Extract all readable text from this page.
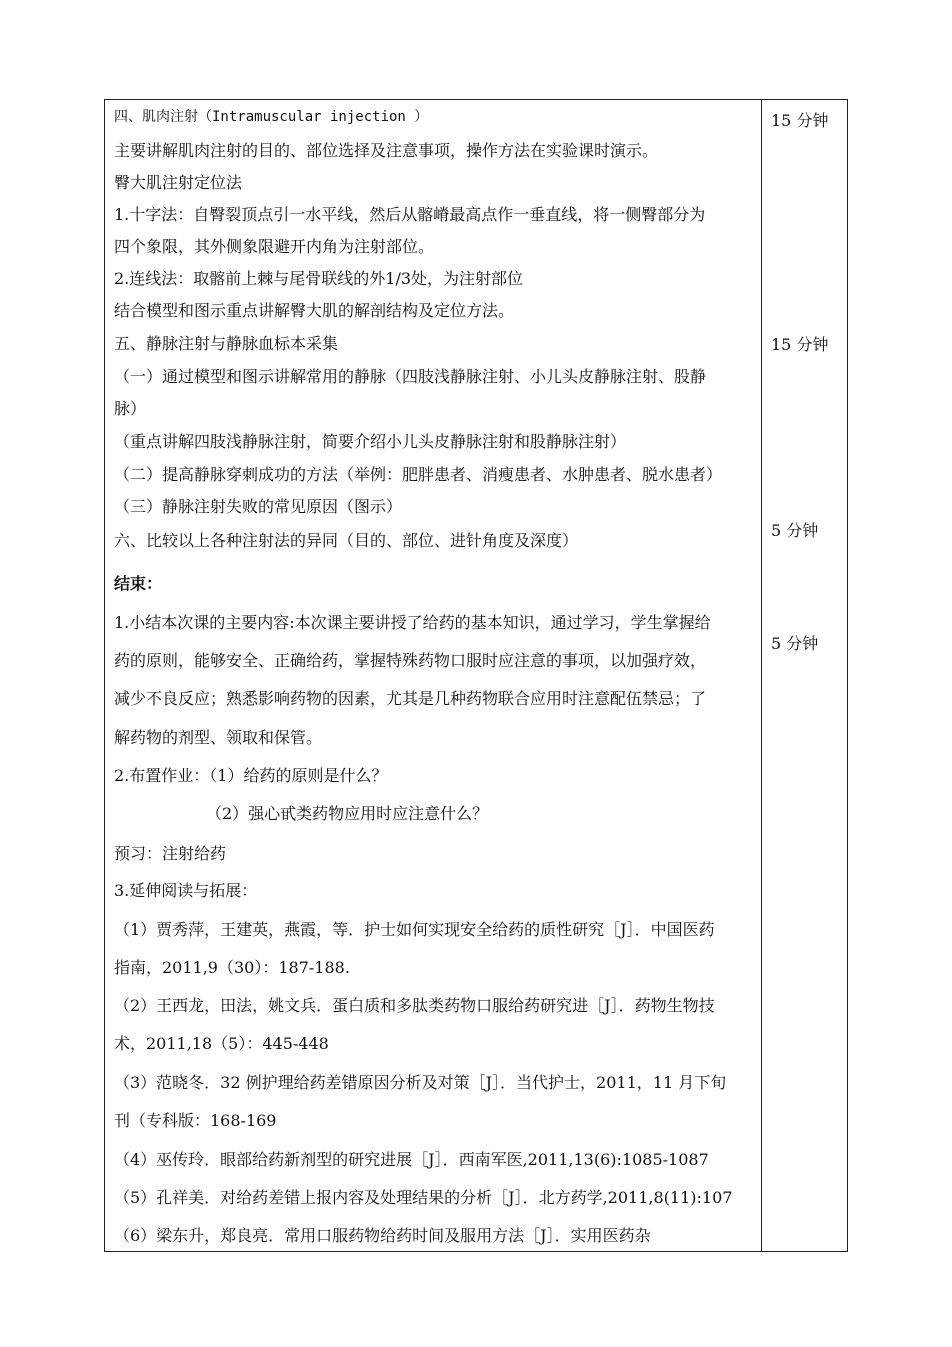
四、肌肉注射（Intramuscular injection ）
主要讲解肌肉注射的目的、部位选择及注意事项，操作方法在实验课时演示。
臀大肌注射定位法
1.十字法：自臀裂顶点引一水平线，然后从髂嵴最高点作一垂直线，将一侧臀部分为
四个象限，其外侧象限避开内角为注射部位。
2.连线法：取髂前上棘与尾骨联线的外1/3处，为注射部位
结合模型和图示重点讲解臀大肌的解剖结构及定位方法。
五、静脉注射与静脉血标本采集
（一）通过模型和图示讲解常用的静脉（四肢浅静脉注射、小儿头皮静脉注射、股静
脉）
（重点讲解四肢浅静脉注射，简要介绍小儿头皮静脉注射和股静脉注射）
（二）提高静脉穿刺成功的方法（举例：肥胖患者、消瘦患者、水肿患者、脱水患者）
（三）静脉注射失败的常见原因（图示）
六、比较以上各种注射法的异同（目的、部位、进针角度及深度）
结束：
1.小结本次课的主要内容:本次课主要讲授了给药的基本知识，通过学习，学生掌握给
药的原则，能够安全、正确给药，掌握特殊药物口服时应注意的事项，以加强疗效，
减少不良反应；熟悉影响药物的因素，尤其是几种药物联合应用时注意配伍禁忌；了
解药物的剂型、领取和保管。
2.布置作业：（1）给药的原则是什么？
（2）强心甙类药物应用时应注意什么？
预习：注射给药
3.延伸阅读与拓展：
（1）贾秀萍，王建英，燕霞，等．护士如何实现安全给药的质性研究［J］．中国医药
指南，2011,9（30）：187-188.
（2）王西龙，田法，姚文兵．蛋白质和多肽类药物口服给药研究进［J］．药物生物技
术，2011,18（5）：445-448
（3）范晓冬．32 例护理给药差错原因分析及对策［J］．当代护士，2011，11 月下旬
刊（专科版：168-169
（4）巫传玲．眼部给药新剂型的研究进展［J］．西南军医,2011,13(6):1085-1087
（5）孔祥美．对给药差错上报内容及处理结果的分析［J］．北方药学,2011,8(11):107
（6）梁东升，郑良亮．常用口服药物给药时间及服用方法［J］．实用医药杂
15 分钟
15 分钟
5 分钟
5 分钟
